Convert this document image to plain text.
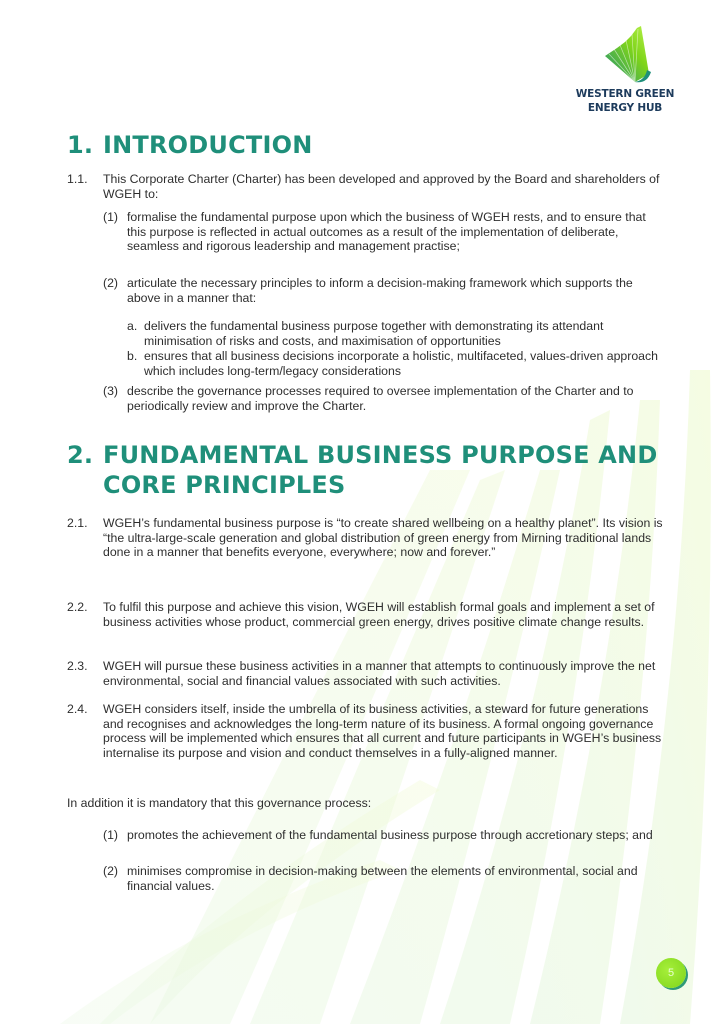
WESTERN GREEN
ENERGY HUB
1. INTRODUCTION
1.1. This Corporate Charter (Charter) has been developed and approved by the Board and shareholders of WGEH to:
(1) formalise the fundamental purpose upon which the business of WGEH rests, and to ensure that this purpose is reflected in actual outcomes as a result of the implementation of deliberate, seamless and rigorous leadership and management practise;
(2) articulate the necessary principles to inform a decision-making framework which supports the above in a manner that:
a. delivers the fundamental business purpose together with demonstrating its attendant minimisation of risks and costs, and maximisation of opportunities
b. ensures that all business decisions incorporate a holistic, multifaceted, values-driven approach which includes long-term/legacy considerations
(3) describe the governance processes required to oversee implementation of the Charter and to periodically review and improve the Charter.
2. FUNDAMENTAL BUSINESS PURPOSE AND
CORE PRINCIPLES
2.1. WGEH’s fundamental business purpose is “to create shared wellbeing on a healthy planet”. Its vision is “the ultra-large-scale generation and global distribution of green energy from Mirning traditional lands done in a manner that benefits everyone, everywhere; now and forever.”
2.2. To fulfil this purpose and achieve this vision, WGEH will establish formal goals and implement a set of business activities whose product, commercial green energy, drives positive climate change results.
2.3. WGEH will pursue these business activities in a manner that attempts to continuously improve the net environmental, social and financial values associated with such activities.
2.4. WGEH considers itself, inside the umbrella of its business activities, a steward for future generations and recognises and acknowledges the long-term nature of its business. A formal ongoing governance process will be implemented which ensures that all current and future participants in WGEH’s business internalise its purpose and vision and conduct themselves in a fully-aligned manner.
In addition it is mandatory that this governance process:
(1) promotes the achievement of the fundamental business purpose through accretionary steps; and
(2) minimises compromise in decision-making between the elements of environmental, social and financial values.
5
